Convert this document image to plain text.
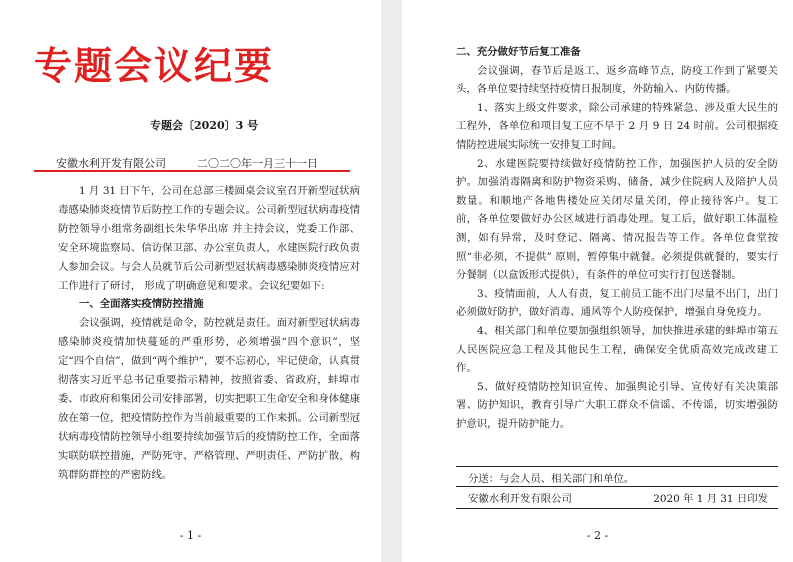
专题会议纪要
专题会〔2020〕3 号
安徽水利开发有限公司	二〇二〇年一月三十一日

1 月 31 日下午，公司在总部三楼圆桌会议室召开新型冠状病毒感染肺炎疫情节后防控工作的专题会议。公司新型冠状病毒疫情防控领导小组常务副组长朱华华出席 并主持会议，党委工作部、安全环境监察局、信访保卫部、办公室负责人，水建医院行政负责人参加会议。与会人员就节后公司新型冠状病毒感染肺炎疫情应对工作进行了研讨， 形成了明确意见和要求。会议纪要如下:

一、全面落实疫情防控措施

会议强调，疫情就是命令，防控就是责任。面对新型冠状病毒感染肺炎疫情加快蔓延的严重形势，必须增强“四个意识”，坚定“四个自信”，做到“两个维护”，要不忘初心，牢记使命，认真贯彻落实习近平总书记重要指示精神，按照省委、省政府，蚌埠市委、市政府和集团公司安排部署，切实把职工生命安全和身体健康放在第一位，把疫情防控作为当前最重要的工作来抓。公司新型冠状病毒疫情防控领导小组要持续加强节后的疫情防控工作，全面落实联防联控措施，严防死守、严格管理、严明责任、严防扩散，构筑群防群控的严密防线。

- 1 -

二、充分做好节后复工准备

会议强调，春节后是返工、返乡高峰节点，防疫工作到了紧要关头，各单位要持续坚持疫情日报制度，外防输入、内防传播。

1、落实上级文件要求，除公司承建的特殊紧急、涉及重大民生的工程外，各单位和项目复工应不早于 2 月 9 日 24 时前。公司根据疫情防控进展实际统一安排复工时间。

2、水建医院要持续做好疫情防控工作，加强医护人员的安全防护。加强消毒隔离和防护物资采购、储备，减少住院病人及陪护人员数量。和顺地产各地售楼处应关闭尽量关闭，停止接待客户。复工前，各单位要做好办公区域进行消毒处理。复工后，做好职工体温检测，如有异常，及时登记、隔离、情况报告等工作。各单位食堂按照“非必须，不提供” 原则，暂停集中就餐。必须提供就餐的，要实行分餐制（以盒饭形式提供），有条件的单位可实行打包送餐制。

3、疫情面前，人人有责，复工前员工能不出门尽量不出门，出门必须做好防护，做好消毒、通风等个人防疫保护，增强自身免疫力。

4、相关部门和单位要加强组织领导，加快推进承建的蚌埠市第五人民医院应急工程及其他民生工程，确保安全优质高效完成改建工作。

5、做好疫情防控知识宣传、加强舆论引导、宣传好有关决策部署、防护知识，教育引导广大职工群众不信谣、不传谣，切实增强防护意识，提升防护能力。

分送：与会人员、相关部门和单位。
安徽水利开发有限公司	2020 年 1 月 31 日印发
- 2 -
